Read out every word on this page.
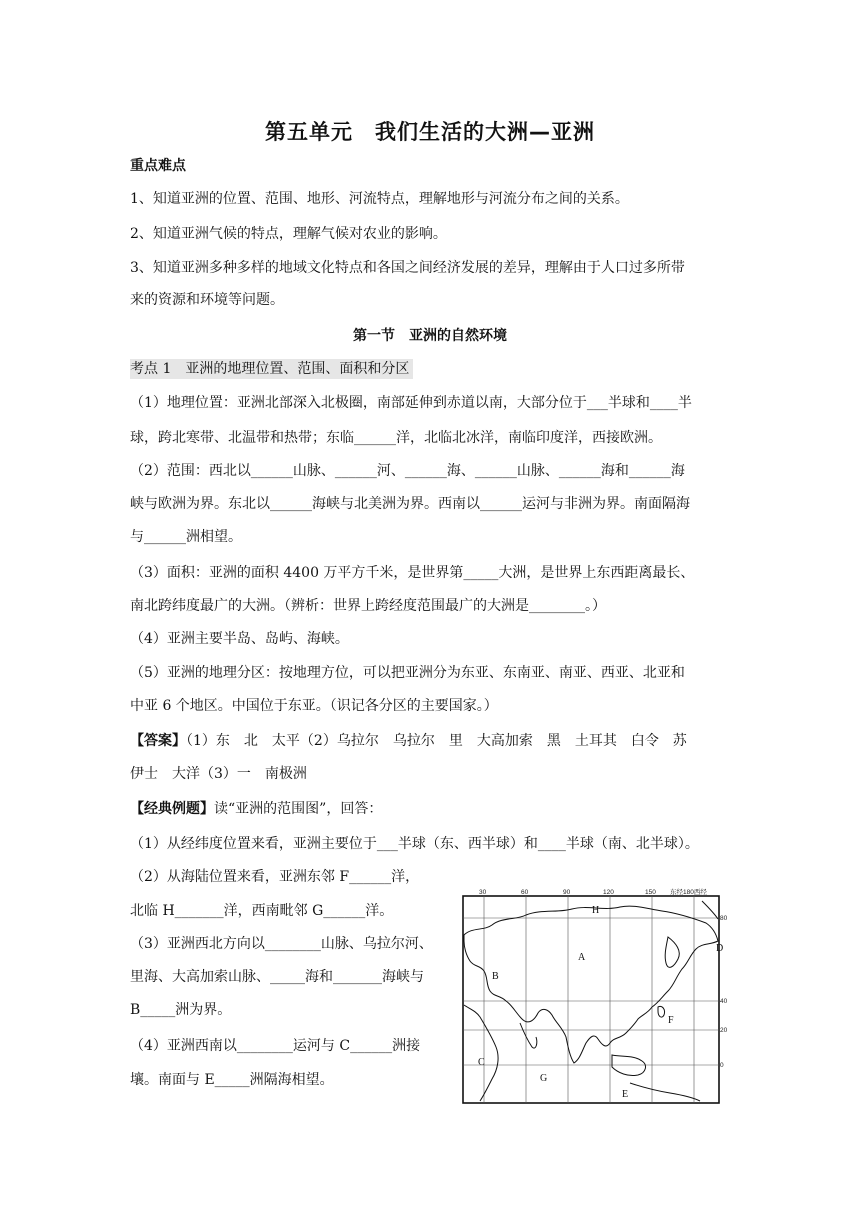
第五单元　我们生活的大洲—亚洲
重点难点
1、知道亚洲的位置、范围、地形、河流特点，理解地形与河流分布之间的关系。
2、知道亚洲气候的特点，理解气候对农业的影响。
3、知道亚洲多种多样的地域文化特点和各国之间经济发展的差异，理解由于人口过多所带
来的资源和环境等问题。
第一节　亚洲的自然环境
考点 1　亚洲的地理位置、范围、面积和分区
（1）地理位置：亚洲北部深入北极圈，南部延伸到赤道以南，大部分位于___半球和____半
球，跨北寒带、北温带和热带；东临______洋，北临北冰洋，南临印度洋，西接欧洲。
（2）范围：西北以______山脉、______河、______海、______山脉、______海和______海
峡与欧洲为界。东北以______海峡与北美洲为界。西南以______运河与非洲为界。南面隔海
与______洲相望。
（3）面积：亚洲的面积 4400 万平方千米，是世界第_____大洲，是世界上东西距离最长、
南北跨纬度最广的大洲。（辨析：世界上跨经度范围最广的大洲是________。）
（4）亚洲主要半岛、岛屿、海峡。
（5）亚洲的地理分区：按地理方位，可以把亚洲分为东亚、东南亚、南亚、西亚、北亚和
中亚 6 个地区。中国位于东亚。（识记各分区的主要国家。）
【答案】（1）东　北　太平（2）乌拉尔　乌拉尔　里　大高加索　黑　土耳其　白令　苏
伊士　大洋（3）一　南极洲
【经典例题】读“亚洲的范围图”，回答：
（1）从经纬度位置来看，亚洲主要位于___半球（东、西半球）和____半球（南、北半球）。
（2）从海陆位置来看，亚洲东邻 F______洋，
北临 H_______洋，西南毗邻 G______洋。
（3）亚洲西北方向以________山脉、乌拉尔河、
里海、大高加索山脉、_____海和_______海峡与
B_____洲为界。
（4）亚洲西南以________运河与 C______洲接
壤。南面与 E_____洲隔海相望。
30	60	90	120	150 东经180西经
80
40
20
0
A
B
C
D
E
F
G
H
